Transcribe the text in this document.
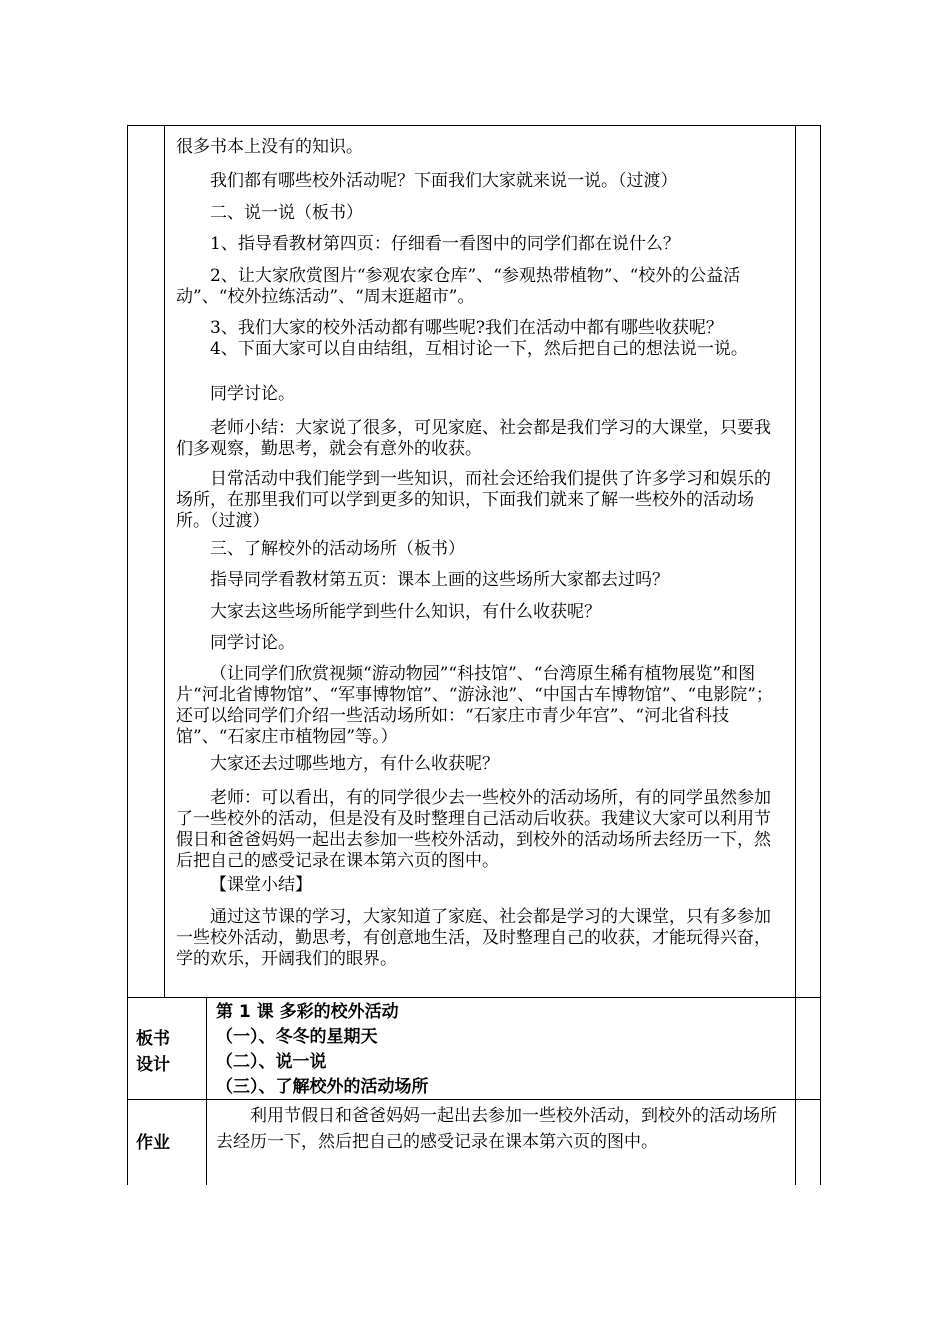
很多书本上没有的知识。

我们都有哪些校外活动呢？下面我们大家就来说一说。（过渡）

二、说一说（板书）

1、指导看教材第四页：仔细看一看图中的同学们都在说什么？

2、让大家欣赏图片“参观农家仓库”、“参观热带植物”、“校外的公益活动”、“校外拉练活动”、“周末逛超市”。

3、我们大家的校外活动都有哪些呢?我们在活动中都有哪些收获呢？

4、下面大家可以自由结组，互相讨论一下，然后把自己的想法说一说。

同学讨论。

老师小结：大家说了很多，可见家庭、社会都是我们学习的大课堂，只要我们多观察，勤思考，就会有意外的收获。

日常活动中我们能学到一些知识，而社会还给我们提供了许多学习和娱乐的场所，在那里我们可以学到更多的知识，下面我们就来了解一些校外的活动场所。（过渡）

三、了解校外的活动场所（板书）

指导同学看教材第五页：课本上画的这些场所大家都去过吗？

大家去这些场所能学到些什么知识，有什么收获呢？

同学讨论。

（让同学们欣赏视频“游动物园”“科技馆”、“台湾原生稀有植物展览”和图片“河北省博物馆”、“军事博物馆”、“游泳池”、“中国古车博物馆”、“电影院”；还可以给同学们介绍一些活动场所如：“石家庄市青少年宫”、“河北省科技馆”、“石家庄市植物园”等。）

大家还去过哪些地方，有什么收获呢？

老师：可以看出，有的同学很少去一些校外的活动场所，有的同学虽然参加了一些校外的活动，但是没有及时整理自己活动后收获。我建议大家可以利用节假日和爸爸妈妈一起出去参加一些校外活动，到校外的活动场所去经历一下，然后把自己的感受记录在课本第六页的图中。

【课堂小结】

通过这节课的学习，大家知道了家庭、社会都是学习的大课堂，只有多参加一些校外活动，勤思考，有创意地生活，及时整理自己的收获，才能玩得兴奋，学的欢乐，开阔我们的眼界。

板书
设计
第 1 课 多彩的校外活动
（一）、冬冬的星期天
（二）、说一说
（三）、了解校外的活动场所
作业

利用节假日和爸爸妈妈一起出去参加一些校外活动，到校外的活动场所去经历一下，然后把自己的感受记录在课本第六页的图中。
